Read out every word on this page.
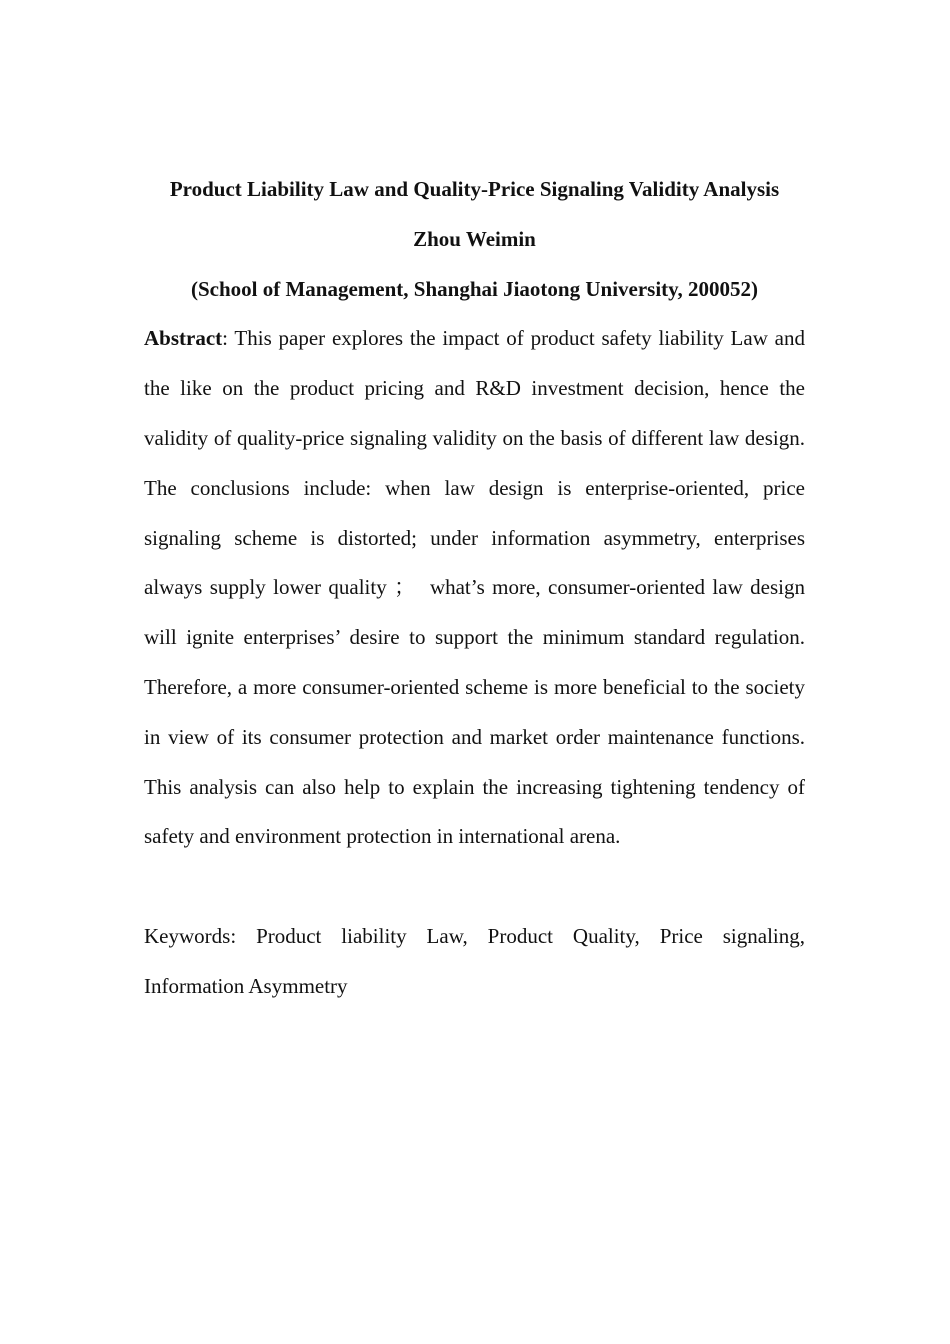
Product Liability Law and Quality-Price Signaling Validity Analysis

Zhou Weimin

(School of Management, Shanghai Jiaotong University, 200052)

Abstract: This paper explores the impact of product safety liability Law and the like on the product pricing and R&D investment decision, hence the validity of quality-price signaling validity on the basis of different law design. The conclusions include: when law design is enterprise-oriented, price signaling scheme is distorted; under information asymmetry, enterprises always supply lower quality ；  what’s more, consumer-oriented law design will ignite enterprises’ desire to support the minimum standard regulation. Therefore, a more consumer-oriented scheme is more beneficial to the society in view of its consumer protection and market order maintenance functions. This analysis can also help to explain the increasing tightening tendency of safety and environment protection in international arena.

Keywords: Product liability Law, Product Quality, Price signaling, Information Asymmetry
